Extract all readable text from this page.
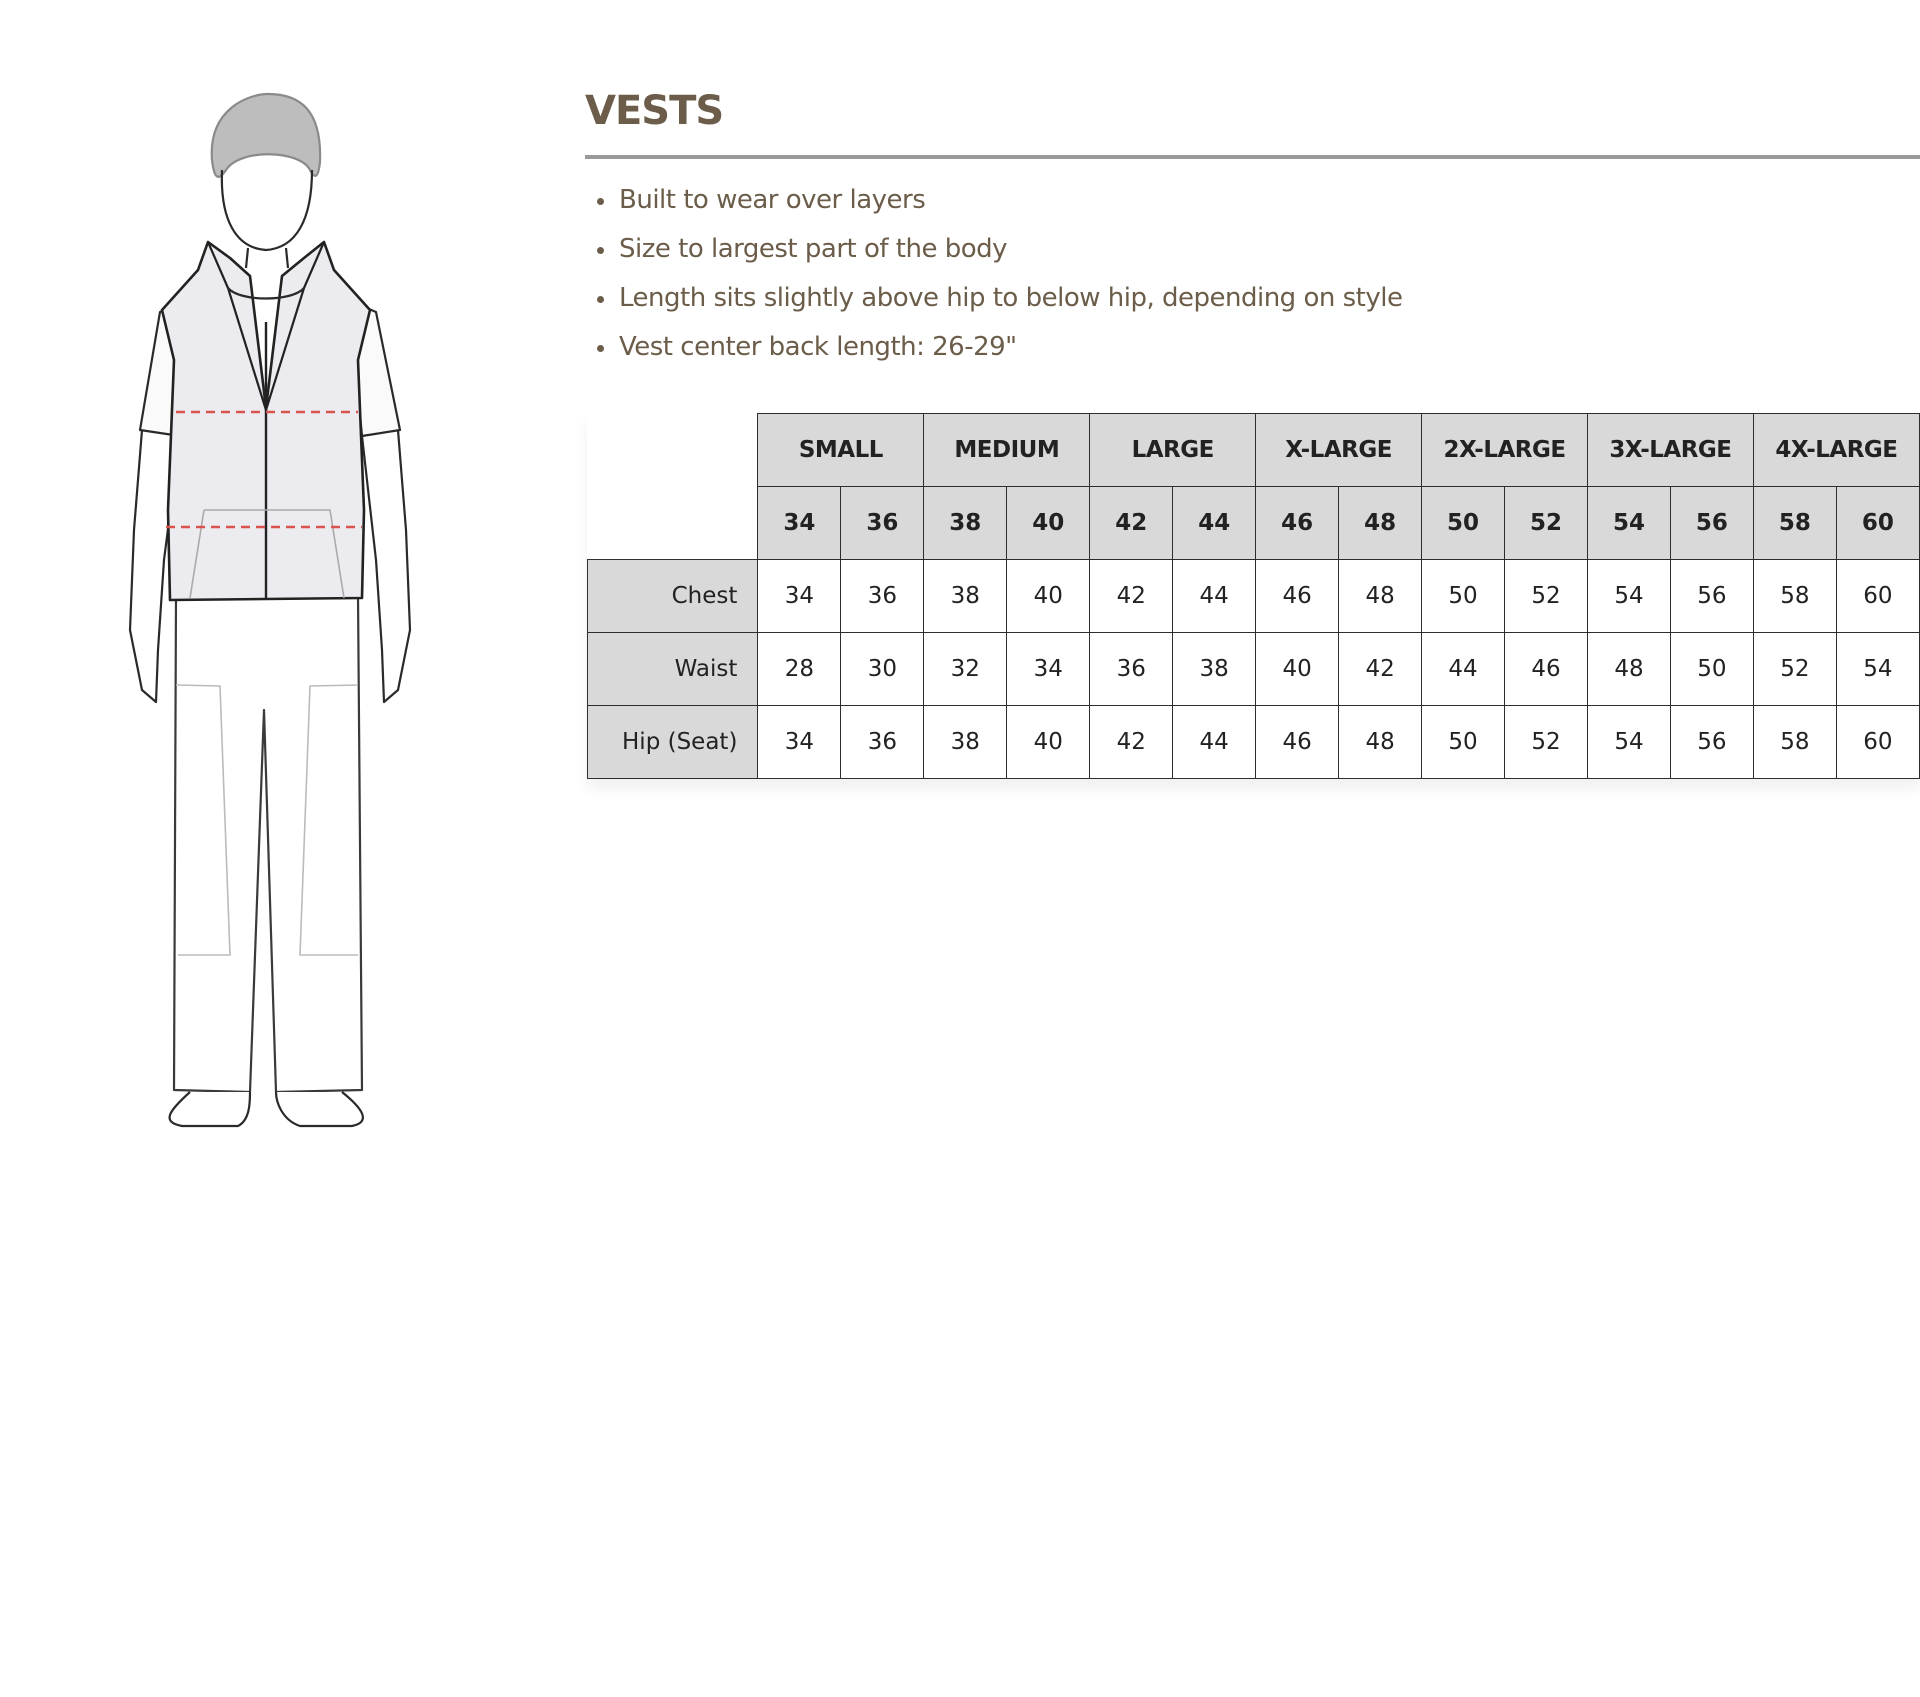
VESTS
Built to wear over layers
Size to largest part of the body
Length sits slightly above hip to below hip, depending on style
Vest center back length: 26-29"
	SMALL		MEDIUM		LARGE		X-LARGE		2X-LARGE		3X-LARGE		4X-LARGE	
	34	36	38	40	42	44	46	48	50	52	54	56	58	60
Chest	34	36	38	40	42	44	46	48	50	52	54	56	58	60
Waist	28	30	32	34	36	38	40	42	44	46	48	50	52	54
Hip (Seat)	34	36	38	40	42	44	46	48	50	52	54	56	58	60
